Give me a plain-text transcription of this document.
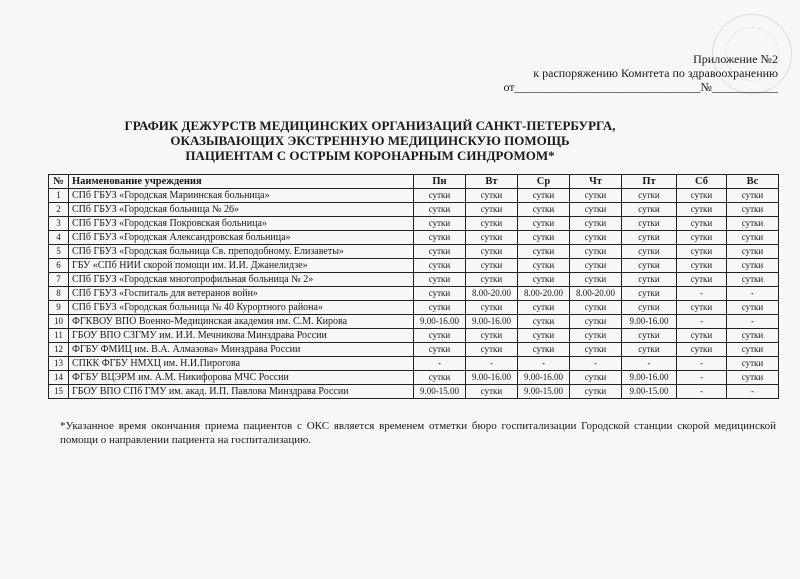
Приложение №2
к распоряжению Комитета по здравоохранению
от_______________________________№___________
ГРАФИК ДЕЖУРСТВ МЕДИЦИНСКИХ ОРГАНИЗАЦИЙ САНКТ-ПЕТЕРБУРГА,
ОКАЗЫВАЮЩИХ ЭКСТРЕННУЮ МЕДИЦИНСКУЮ ПОМОЩЬ
ПАЦИЕНТАМ С ОСТРЫМ КОРОНАРНЫМ СИНДРОМОМ*
№	Наименование учреждения	Пн	Вт	Ср	Чт	Пт	Сб	Вс
1	СПб ГБУЗ «Городская Мариинская больница»	сутки	сутки	сутки	сутки	сутки	сутки	сутки
2	СПб ГБУЗ «Городская больница № 26»	сутки	сутки	сутки	сутки	сутки	сутки	сутки
3	СПб ГБУЗ «Городская Покровская больница»	сутки	сутки	сутки	сутки	сутки	сутки	сутки
4	СПб ГБУЗ «Городская Александровская больница»	сутки	сутки	сутки	сутки	сутки	сутки	сутки
5	СПб ГБУЗ «Городская больница Св. преподобному. Елизаветы»	сутки	сутки	сутки	сутки	сутки	сутки	сутки
6	ГБУ «СПб НИИ скорой помощи им. И.И. Джанелидзе»	сутки	сутки	сутки	сутки	сутки	сутки	сутки
7	СПб ГБУЗ «Городская многопрофильная больница № 2»	сутки	сутки	сутки	сутки	сутки	сутки	сутки
8	СПб ГБУЗ «Госпиталь для ветеранов войн»	сутки	8.00-20.00	8.00-20.00	8.00-20.00	сутки	-	-
9	СПб ГБУЗ «Городская больница № 40 Курортного района»	сутки	сутки	сутки	сутки	сутки	сутки	сутки
10	ФГКВОУ ВПО Военно-Медицинская академия им. С.М. Кирова	9.00-16.00	9.00-16.00	сутки	сутки	9.00-16.00	-	-
11	ГБОУ ВПО СЗГМУ им. И.И. Мечникова Минздрава России	сутки	сутки	сутки	сутки	сутки	сутки	сутки
12	ФГБУ ФМИЦ им. В.А. Алмазова» Минздрава России	сутки	сутки	сутки	сутки	сутки	сутки	сутки
13	СПКК ФГБУ НМХЦ им. Н.И.Пирогова	-	-	-	-	-	-	сутки
14	ФГБУ ВЦЭРМ им. А.М. Никифорова МЧС России	сутки	9.00-16.00	9.00-16.00	сутки	9.00-16.00	-	сутки
15	ГБОУ ВПО СПб ГМУ им. акад. И.П. Павлова Минздрава России	9.00-15.00	сутки	9.00-15.00	сутки	9.00-15.00	-	-
*Указанное время окончания приема пациентов с ОКС является временем отметки бюро госпитализации Городской станции скорой медицинской помощи о направлении пациента на госпитализацию.
